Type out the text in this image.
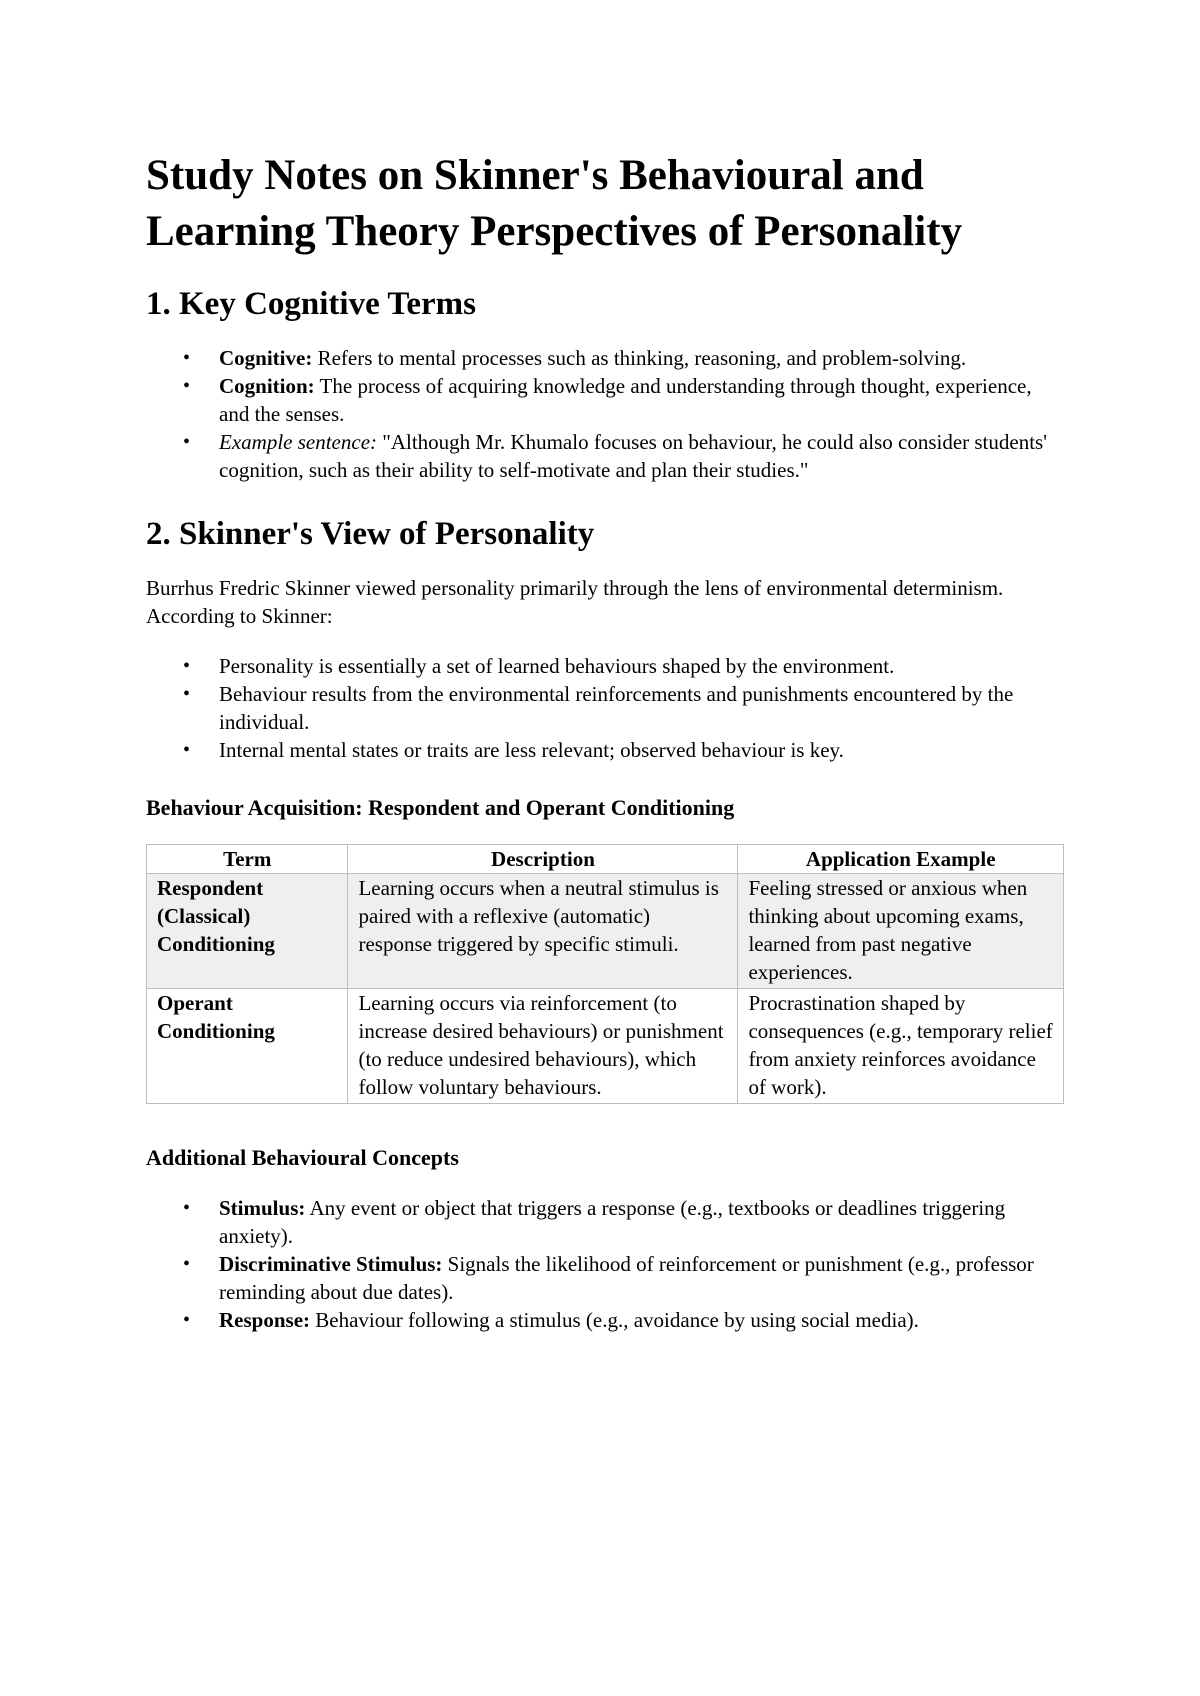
Study Notes on Skinner's Behavioural and Learning Theory Perspectives of Personality
1. Key Cognitive Terms
• Cognitive: Refers to mental processes such as thinking, reasoning, and problem-solving.
• Cognition: The process of acquiring knowledge and understanding through thought, experience, and the senses.
• Example sentence: "Although Mr. Khumalo focuses on behaviour, he could also consider students' cognition, such as their ability to self-motivate and plan their studies."
2. Skinner's View of Personality

Burrhus Fredric Skinner viewed personality primarily through the lens of environmental determinism. According to Skinner:

• Personality is essentially a set of learned behaviours shaped by the environment.
• Behaviour results from the environmental reinforcements and punishments encountered by the individual.
• Internal mental states or traits are less relevant; observed behaviour is key.
Behaviour Acquisition: Respondent and Operant Conditioning
Term	Description	Application Example
Respondent (Classical) Conditioning	Learning occurs when a neutral stimulus is paired with a reflexive (automatic) response triggered by specific stimuli.	Feeling stressed or anxious when thinking about upcoming exams, learned from past negative experiences.
Operant Conditioning	Learning occurs via reinforcement (to increase desired behaviours) or punishment (to reduce undesired behaviours), which follow voluntary behaviours.	Procrastination shaped by consequences (e.g., temporary relief from anxiety reinforces avoidance of work).
Additional Behavioural Concepts
• Stimulus: Any event or object that triggers a response (e.g., textbooks or deadlines triggering anxiety).
• Discriminative Stimulus: Signals the likelihood of reinforcement or punishment (e.g., professor reminding about due dates).
• Response: Behaviour following a stimulus (e.g., avoidance by using social media).
